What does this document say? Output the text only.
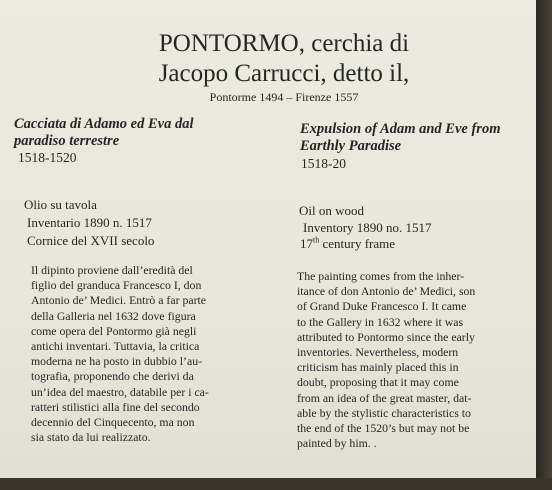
PONTORMO, cerchia di
Jacopo Carrucci, detto il,
Pontorme 1494 – Firenze 1557
Cacciata di Adamo ed Eva dal
paradiso terrestre
1518-1520
Olio su tavola
Inventario 1890 n. 1517
Cornice del XVII secolo
Il dipinto proviene dall’eredità del
figlio del granduca Francesco I, don
Antonio de’ Medici. Entrò a far parte
della Galleria nel 1632 dove figura
come opera del Pontormo già negli
antichi inventari. Tuttavia, la critica
moderna ne ha posto in dubbio l’au-
tografia, proponendo che derivi da
un’idea del maestro, databile per i ca-
ratteri stilistici alla fine del secondo
decennio del Cinquecento, ma non
sia stato da lui realizzato.
Expulsion of Adam and Eve from
Earthly Paradise
1518-20
Oil on wood
Inventory 1890 no. 1517
17th century frame
The painting comes from the inher-
itance of don Antonio de’ Medici, son
of Grand Duke Francesco I. It came
to the Gallery in 1632 where it was
attributed to Pontormo since the early
inventories. Nevertheless, modern
criticism has mainly placed this in
doubt, proposing that it may come
from an idea of the great master, dat-
able by the stylistic characteristics to
the end of the 1520’s but may not be
painted by him. .
